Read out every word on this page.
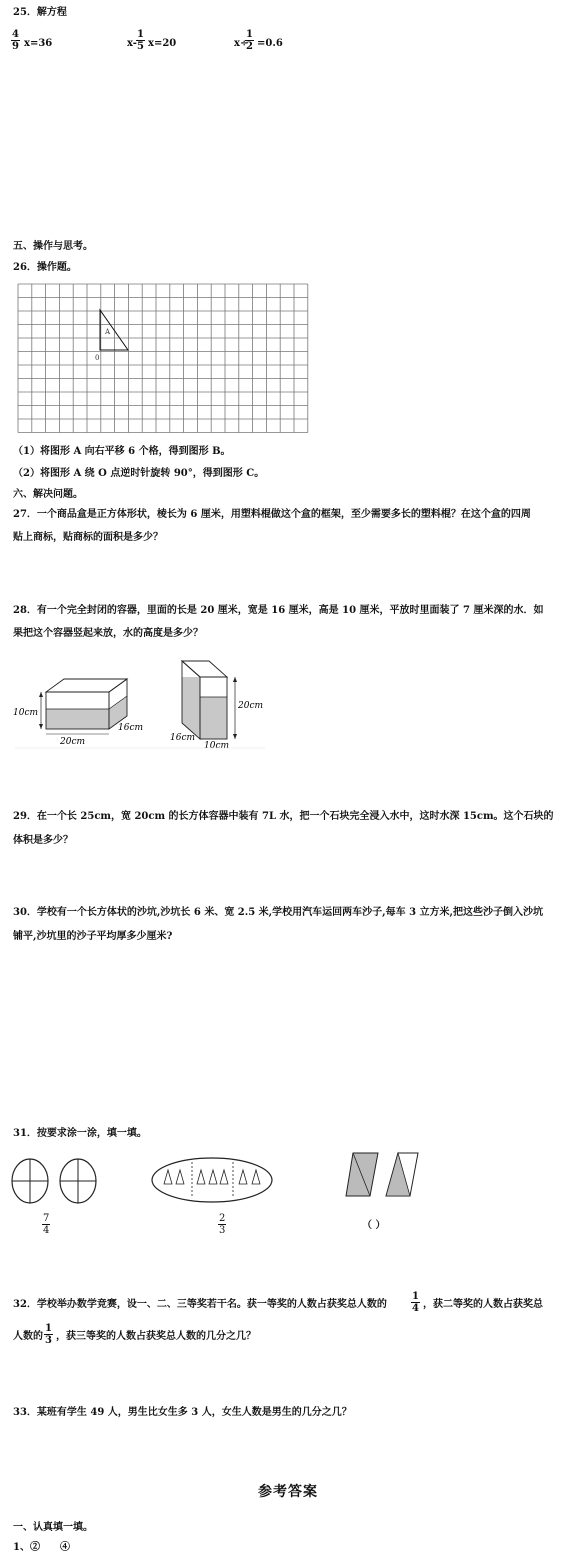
25．解方程
$\frac{4}{9} x=36$	$x- \frac{1}{5} x=20$	x÷
$\frac{1}{2} =0.6$
五、操作与思考。
26．操作题。
A
0
（1）将图形 A 向右平移 6 个格，得到图形 B。
（2）将图形 A 绕 O 点逆时针旋转 90°，得到图形 C。
六、解决问题。
27．一个商品盒是正方体形状，棱长为 6 厘米，用塑料棍做这个盒的框架，至少需要多长的塑料棍？在这个盒的四周
贴上商标，贴商标的面积是多少？
28．有一个完全封闭的容器，里面的长是 20 厘米，宽是 16 厘米，高是 10 厘米，平放时里面装了 7 厘米深的水．如
果把这个容器竖起来放，水的高度是多少？
10cm
20cm
16cm
20cm
16cm
10cm
29．在一个长 25cm，宽 20cm 的长方体容器中装有 7L 水，把一个石块完全浸入水中，这时水深 15cm。这个石块的
体积是多少？
30．学校有一个长方体状的沙坑,沙坑长 6 米、宽 2.5 米,学校用汽车运回两车沙子,每车 3 立方米,把这些沙子倒入沙坑
铺平,沙坑里的沙子平均厚多少厘米?
31．按要求涂一涂，填一填。
$\frac{7}{4}$	$\frac{2}{3}$	（ ）
32．学校举办数学竞赛，设一、二、三等奖若干名。获一等奖的人数占获奖总人数的 $\frac{1}{4}$ ，获二等奖的人数占获奖总
人数的 $\frac{1}{3}$ ，获三等奖的人数占获奖总人数的几分之几？
33．某班有学生 49 人，男生比女生多 3 人，女生人数是男生的几分之几？
参考答案
一、认真填一填。
1、②　　④
